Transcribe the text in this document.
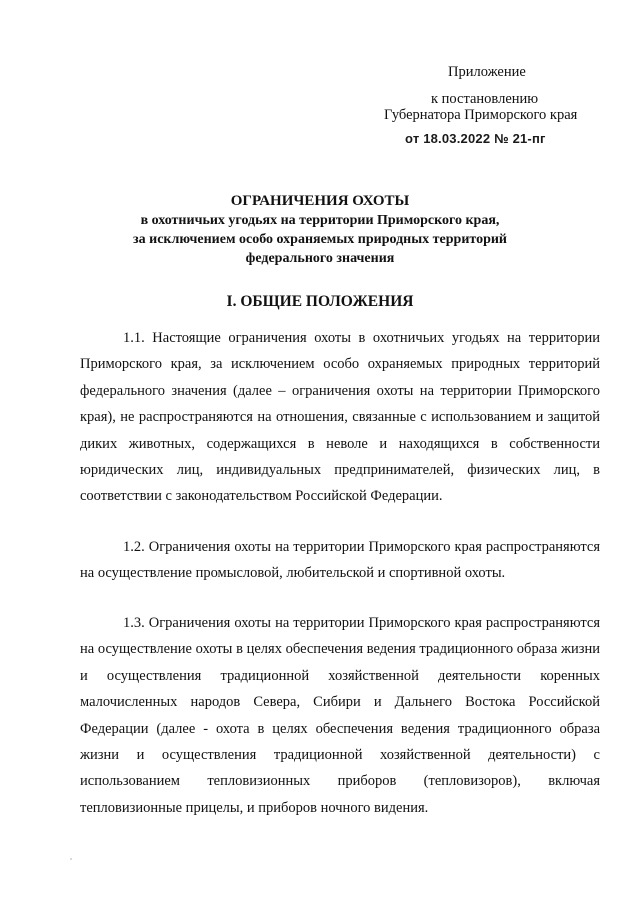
Приложение
к постановлению
Губернатора Приморского края
от 18.03.2022 № 21-пг
ОГРАНИЧЕНИЯ ОХОТЫ
в охотничьих угодьях на территории Приморского края,
за исключением особо охраняемых природных территорий
федерального значения
I. ОБЩИЕ ПОЛОЖЕНИЯ

1.1. Настоящие ограничения охоты в охотничьих угодьях на территории Приморского края, за исключением особо охраняемых природных территорий федерального значения (далее – ограничения охоты на территории Приморского края), не распространяются на отношения, связанные с использованием и защитой диких животных, содержащихся в неволе и находящихся в собственности юридических лиц, индивидуальных предпринимателей, физических лиц, в соответствии с законодательством Российской Федерации.

1.2. Ограничения охоты на территории Приморского края распространяются на осуществление промысловой, любительской и спортивной охоты.

1.3. Ограничения охоты на территории Приморского края распространяются на осуществление охоты в целях обеспечения ведения традиционного образа жизни и осуществления традиционной хозяйственной деятельности коренных малочисленных народов Севера, Сибири и Дальнего Востока Российской Федерации (далее - охота в целях обеспечения ведения традиционного образа жизни и осуществления традиционной хозяйственной деятельности) с использованием тепловизионных приборов (тепловизоров), включая тепловизионные прицелы, и приборов ночного видения.
